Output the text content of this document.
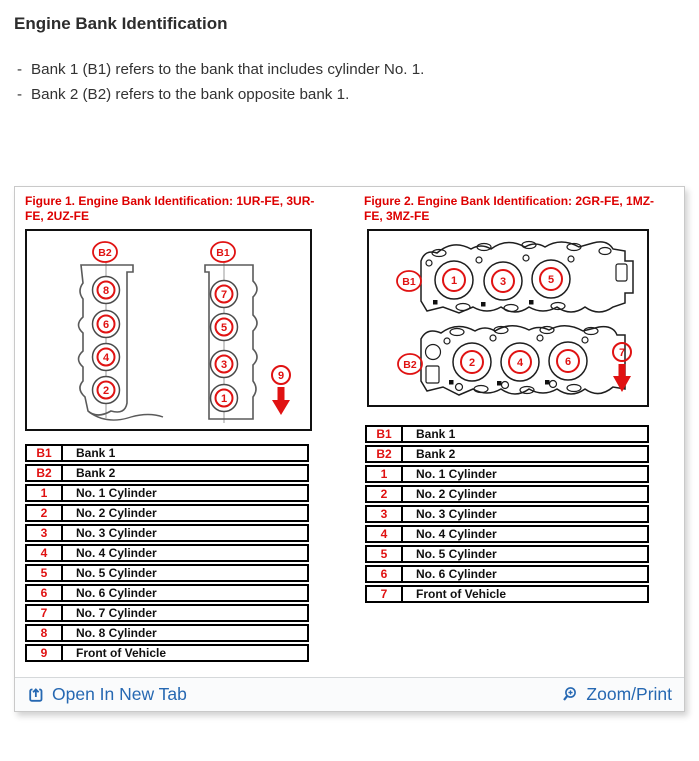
Engine Bank Identification
- Bank 1 (B1) refers to the bank that includes cylinder No. 1.
- Bank 2 (B2) refers to the bank opposite bank 1.
Figure 1. Engine Bank Identification: 1UR-FE, 3UR-FE, 2UZ-FE
Figure 2. Engine Bank Identification: 2GR-FE, 1MZ-FE, 3MZ-FE
B2	B1
8
6
4
2
7
5
3
1
9
1	3	5
B1
2	4	6
B2
7
B1	Bank 1
B2	Bank 2
1	No. 1 Cylinder
2	No. 2 Cylinder
3	No. 3 Cylinder
4	No. 4 Cylinder
5	No. 5 Cylinder
6	No. 6 Cylinder
7	No. 7 Cylinder
8	No. 8 Cylinder
9	Front of Vehicle
B1	Bank 1
B2	Bank 2
1	No. 1 Cylinder
2	No. 2 Cylinder
3	No. 3 Cylinder
4	No. 4 Cylinder
5	No. 5 Cylinder
6	No. 6 Cylinder
7	Front of Vehicle
Open In New Tab	Zoom/Print
